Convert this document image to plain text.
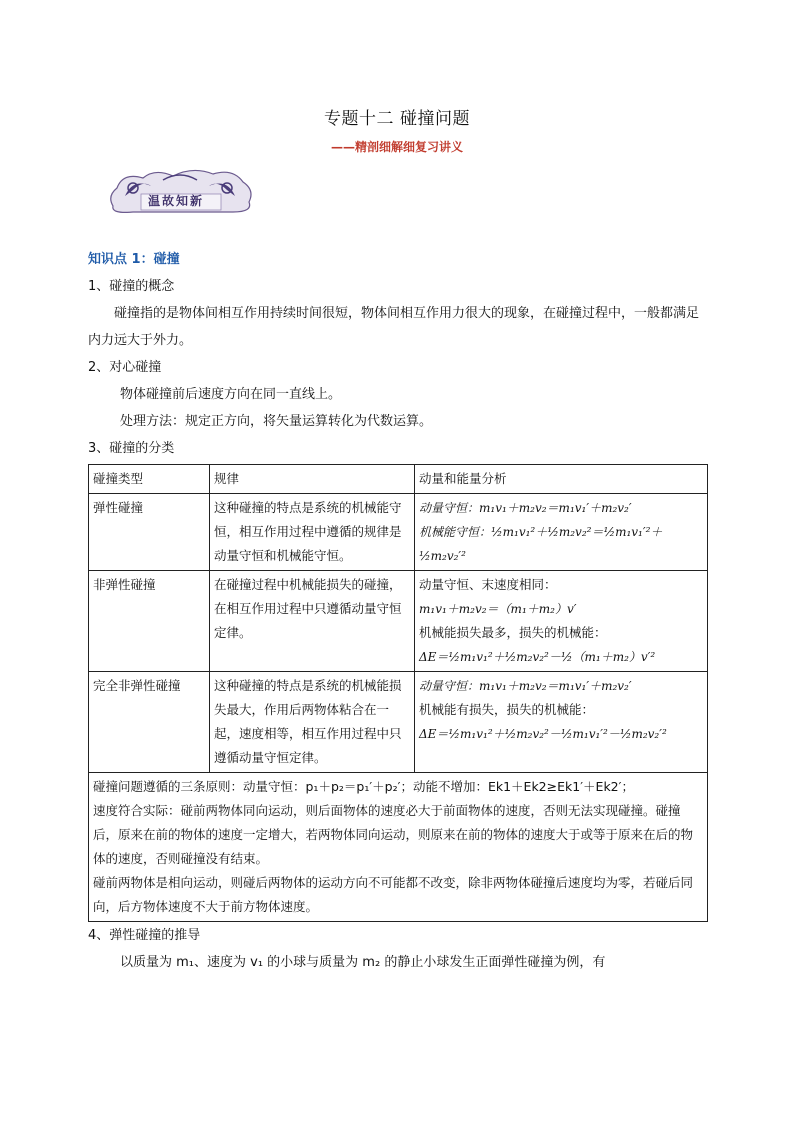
专题十二 碰撞问题
——精剖细解细复习讲义
温故知新

知识点 1：碰撞

1、碰撞的概念

碰撞指的是物体间相互作用持续时间很短，物体间相互作用力很大的现象，在碰撞过程中，一般都满足内力远大于外力。

2、对心碰撞

物体碰撞前后速度方向在同一直线上。

处理方法：规定正方向，将矢量运算转化为代数运算。

3、碰撞的分类

碰撞类型	规律	动量和能量分析
弹性碰撞	这种碰撞的特点是系统的机械能守恒，相互作用过程中遵循的规律是动量守恒和机械能守恒。	动量守恒：m₁v₁＋m₂v₂＝m₁v₁′＋m₂v₂′
机械能守恒：½m₁v₁²＋½m₂v₂²＝½m₁v₁′²＋½m₂v₂′²

非弹性碰撞	在碰撞过程中机械能损失的碰撞，在相互作用过程中只遵循动量守恒定律。	动量守恒、末速度相同：
m₁v₁＋m₂v₂＝（m₁＋m₂）v′
机械能损失最多，损失的机械能：
ΔE＝½m₁v₁²＋½m₂v₂²－½（m₁＋m₂）v′²

完全非弹性碰撞	这种碰撞的特点是系统的机械能损失最大，作用后两物体粘合在一起，速度相等，相互作用过程中只遵循动量守恒定律。	动量守恒：m₁v₁＋m₂v₂＝m₁v₁′＋m₂v₂′
机械能有损失，损失的机械能：
ΔE＝½m₁v₁²＋½m₂v₂²－½m₁v₁′²－½m₂v₂′²

碰撞问题遵循的三条原则：动量守恒：p₁＋p₂＝p₁′＋p₂′；动能不增加：Ek1＋Ek2≥Ek1′＋Ek2′；
速度符合实际：碰前两物体同向运动，则后面物体的速度必大于前面物体的速度，否则无法实现碰撞。碰撞后，原来在前的物体的速度一定增大，若两物体同向运动，则原来在前的物体的速度大于或等于原来在后的物体的速度，否则碰撞没有结束。
碰前两物体是相向运动，则碰后两物体的运动方向不可能都不改变，除非两物体碰撞后速度均为零，若碰后同向，后方物体速度不大于前方物体速度。		

4、弹性碰撞的推导

以质量为 m₁、速度为 v₁ 的小球与质量为 m₂ 的静止小球发生正面弹性碰撞为例，有
